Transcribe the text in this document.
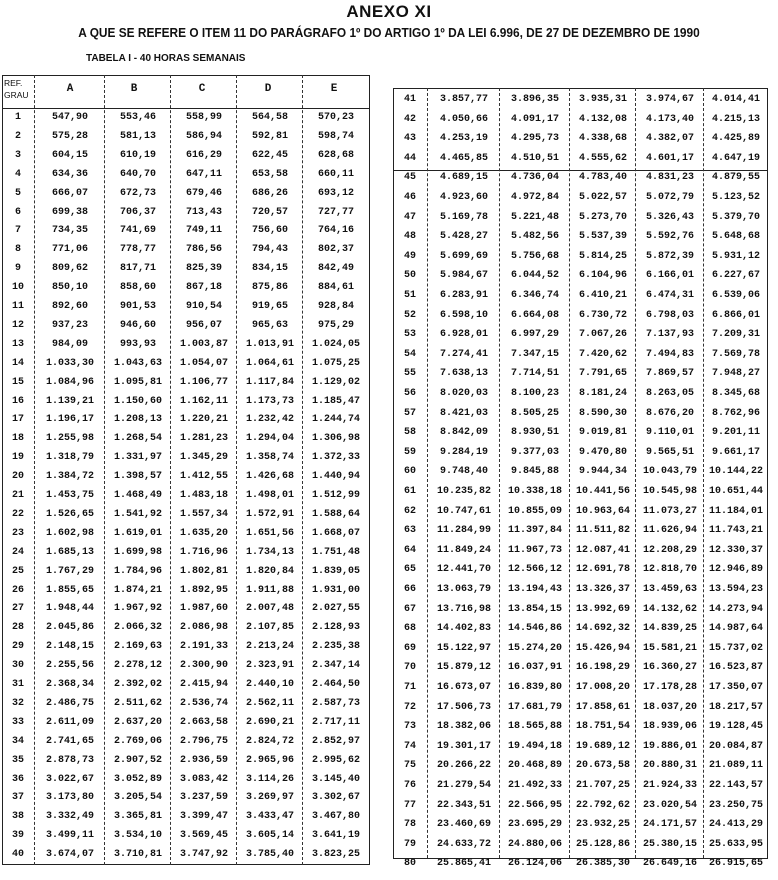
ANEXO XI
A QUE SE REFERE O ITEM 11 DO PARÁGRAFO 1º DO ARTIGO 1º DA LEI 6.996, DE 27 DE DEZEMBRO DE 1990
TABELA I - 40 HORAS SEMANAIS
REF.
GRAU	A	B	C	D	E
1	547,90	553,46	558,99	564,58	570,23
2	575,28	581,13	586,94	592,81	598,74
3	604,15	610,19	616,29	622,45	628,68
4	634,36	640,70	647,11	653,58	660,11
5	666,07	672,73	679,46	686,26	693,12
6	699,38	706,37	713,43	720,57	727,77
7	734,35	741,69	749,11	756,60	764,16
8	771,06	778,77	786,56	794,43	802,37
9	809,62	817,71	825,39	834,15	842,49
10	850,10	858,60	867,18	875,86	884,61
11	892,60	901,53	910,54	919,65	928,84
12	937,23	946,60	956,07	965,63	975,29
13	984,09	993,93	1.003,87	1.013,91	1.024,05
14	1.033,30	1.043,63	1.054,07	1.064,61	1.075,25
15	1.084,96	1.095,81	1.106,77	1.117,84	1.129,02
16	1.139,21	1.150,60	1.162,11	1.173,73	1.185,47
17	1.196,17	1.208,13	1.220,21	1.232,42	1.244,74
18	1.255,98	1.268,54	1.281,23	1.294,04	1.306,98
19	1.318,79	1.331,97	1.345,29	1.358,74	1.372,33
20	1.384,72	1.398,57	1.412,55	1.426,68	1.440,94
21	1.453,75	1.468,49	1.483,18	1.498,01	1.512,99
22	1.526,65	1.541,92	1.557,34	1.572,91	1.588,64
23	1.602,98	1.619,01	1.635,20	1.651,56	1.668,07
24	1.685,13	1.699,98	1.716,96	1.734,13	1.751,48
25	1.767,29	1.784,96	1.802,81	1.820,84	1.839,05
26	1.855,65	1.874,21	1.892,95	1.911,88	1.931,00
27	1.948,44	1.967,92	1.987,60	2.007,48	2.027,55
28	2.045,86	2.066,32	2.086,98	2.107,85	2.128,93
29	2.148,15	2.169,63	2.191,33	2.213,24	2.235,38
30	2.255,56	2.278,12	2.300,90	2.323,91	2.347,14
31	2.368,34	2.392,02	2.415,94	2.440,10	2.464,50
32	2.486,75	2.511,62	2.536,74	2.562,11	2.587,73
33	2.611,09	2.637,20	2.663,58	2.690,21	2.717,11
34	2.741,65	2.769,06	2.796,75	2.824,72	2.852,97
35	2.878,73	2.907,52	2.936,59	2.965,96	2.995,62
36	3.022,67	3.052,89	3.083,42	3.114,26	3.145,40
37	3.173,80	3.205,54	3.237,59	3.269,97	3.302,67
38	3.332,49	3.365,81	3.399,47	3.433,47	3.467,80
39	3.499,11	3.534,10	3.569,45	3.605,14	3.641,19
40	3.674,07	3.710,81	3.747,92	3.785,40	3.823,25
41	3.857,77	3.896,35	3.935,31	3.974,67	4.014,41
42	4.050,66	4.091,17	4.132,08	4.173,40	4.215,13
43	4.253,19	4.295,73	4.338,68	4.382,07	4.425,89
44	4.465,85	4.510,51	4.555,62	4.601,17	4.647,19
45	4.689,15	4.736,04	4.783,40	4.831,23	4.879,55
46	4.923,60	4.972,84	5.022,57	5.072,79	5.123,52
47	5.169,78	5.221,48	5.273,70	5.326,43	5.379,70
48	5.428,27	5.482,56	5.537,39	5.592,76	5.648,68
49	5.699,69	5.756,68	5.814,25	5.872,39	5.931,12
50	5.984,67	6.044,52	6.104,96	6.166,01	6.227,67
51	6.283,91	6.346,74	6.410,21	6.474,31	6.539,06
52	6.598,10	6.664,08	6.730,72	6.798,03	6.866,01
53	6.928,01	6.997,29	7.067,26	7.137,93	7.209,31
54	7.274,41	7.347,15	7.420,62	7.494,83	7.569,78
55	7.638,13	7.714,51	7.791,65	7.869,57	7.948,27
56	8.020,03	8.100,23	8.181,24	8.263,05	8.345,68
57	8.421,03	8.505,25	8.590,30	8.676,20	8.762,96
58	8.842,09	8.930,51	9.019,81	9.110,01	9.201,11
59	9.284,19	9.377,03	9.470,80	9.565,51	9.661,17
60	9.748,40	9.845,88	9.944,34	10.043,79	10.144,22
61	10.235,82	10.338,18	10.441,56	10.545,98	10.651,44
62	10.747,61	10.855,09	10.963,64	11.073,27	11.184,01
63	11.284,99	11.397,84	11.511,82	11.626,94	11.743,21
64	11.849,24	11.967,73	12.087,41	12.208,29	12.330,37
65	12.441,70	12.566,12	12.691,78	12.818,70	12.946,89
66	13.063,79	13.194,43	13.326,37	13.459,63	13.594,23
67	13.716,98	13.854,15	13.992,69	14.132,62	14.273,94
68	14.402,83	14.546,86	14.692,32	14.839,25	14.987,64
69	15.122,97	15.274,20	15.426,94	15.581,21	15.737,02
70	15.879,12	16.037,91	16.198,29	16.360,27	16.523,87
71	16.673,07	16.839,80	17.008,20	17.178,28	17.350,07
72	17.506,73	17.681,79	17.858,61	18.037,20	18.217,57
73	18.382,06	18.565,88	18.751,54	18.939,06	19.128,45
74	19.301,17	19.494,18	19.689,12	19.886,01	20.084,87
75	20.266,22	20.468,89	20.673,58	20.880,31	21.089,11
76	21.279,54	21.492,33	21.707,25	21.924,33	22.143,57
77	22.343,51	22.566,95	22.792,62	23.020,54	23.250,75
78	23.460,69	23.695,29	23.932,25	24.171,57	24.413,29
79	24.633,72	24.880,06	25.128,86	25.380,15	25.633,95
80	25.865,41	26.124,06	26.385,30	26.649,16	26.915,65
